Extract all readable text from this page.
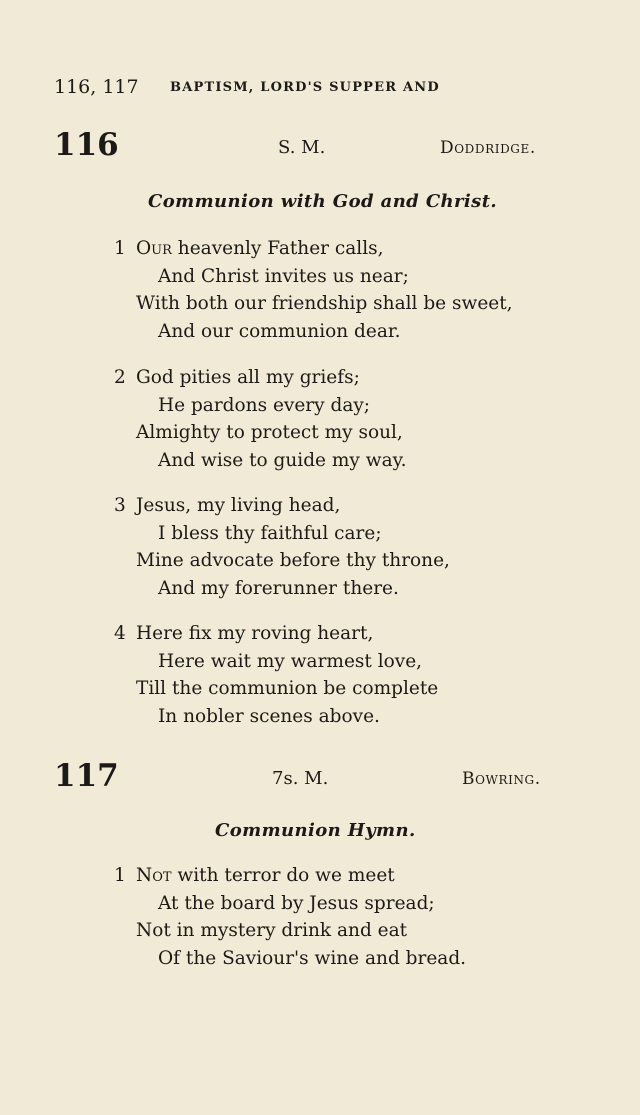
116, 117 BAPTISM, LORD'S SUPPER AND
116	S. M.	Doddridge.
Communion with God and Christ.
1 Our heavenly Father calls,
And Christ invites us near;
With both our friendship shall be sweet,
And our communion dear.
2 God pities all my griefs;
He pardons every day;
Almighty to protect my soul,
And wise to guide my way.
3 Jesus, my living head,
I bless thy faithful care;
Mine advocate before thy throne,
And my forerunner there.
4 Here fix my roving heart,
Here wait my warmest love,
Till the communion be complete
In nobler scenes above.
117	7s. M.	Bowring.
Communion Hymn.
1 Not with terror do we meet
At the board by Jesus spread;
Not in mystery drink and eat
Of the Saviour's wine and bread.
